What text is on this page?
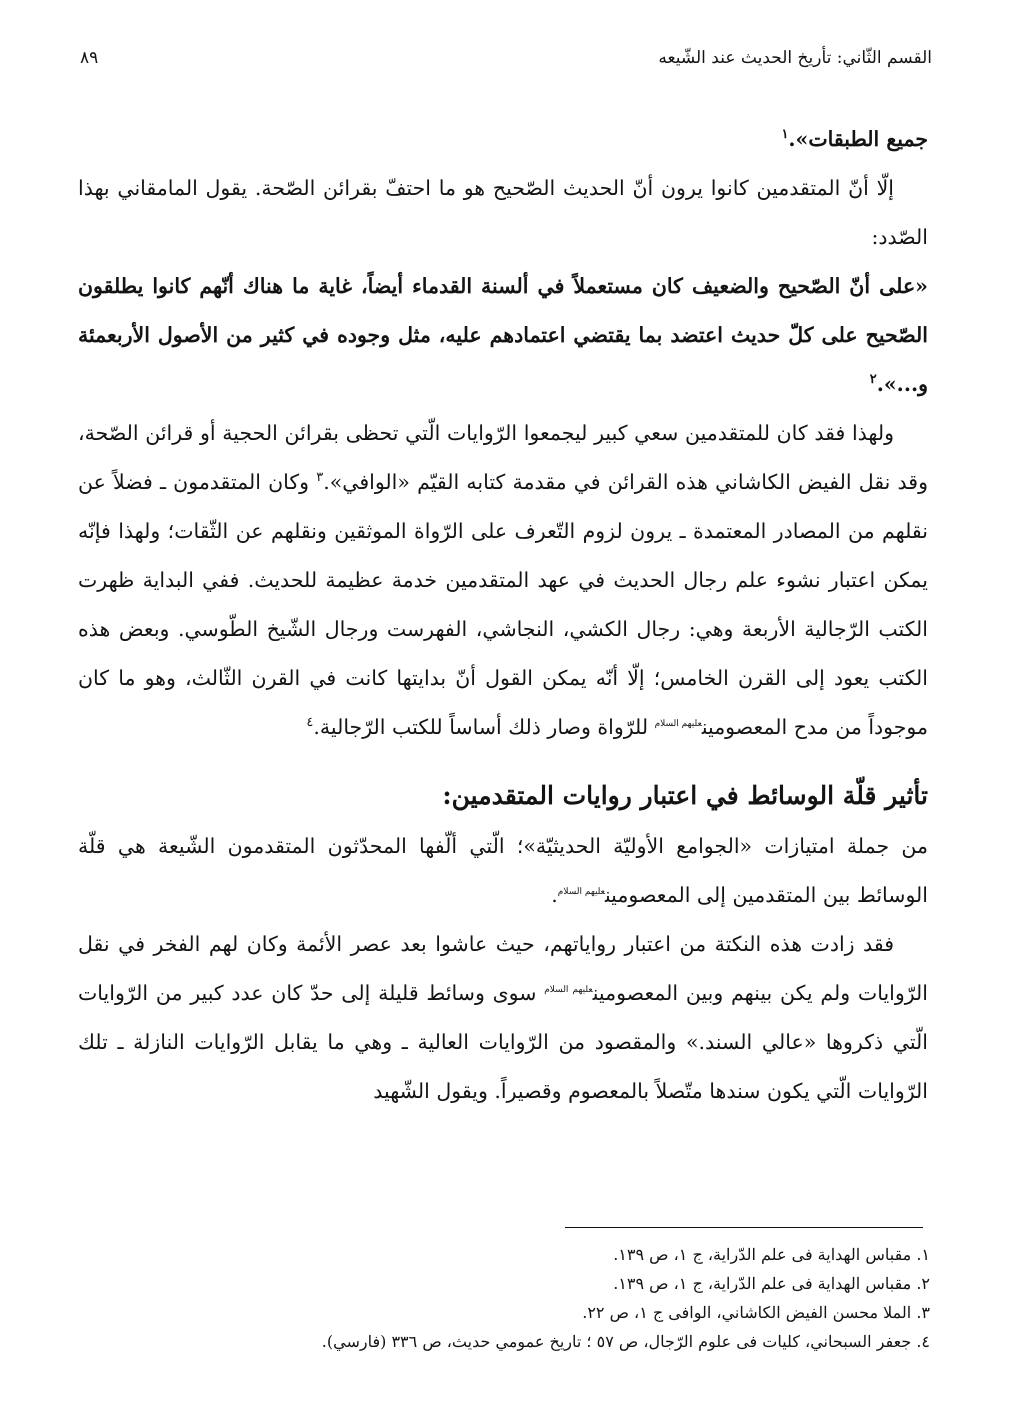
القسم الثّاني: تأريخ الحديث عند الشّيعه
٨٩

جميع الطبقات».$^١$

إلّا أنّ المتقدمين كانوا يرون أنّ الحديث الصّحيح هو ما احتفّ بقرائن الصّحة. يقول المامقاني بهذا الصّدد:

«على أنّ الصّحيح والضعيف كان مستعملاً في ألسنة القدماء أيضاً، غاية ما هناك أنّهم كانوا يطلقون الصّحيح على كلّ حديث اعتضد بما يقتضي اعتمادهم عليه، مثل وجوده في كثير من الأصول الأربعمئة و...».$^٢$

ولهذا فقد كان للمتقدمين سعي كبير ليجمعوا الرّوايات الّتي تحظى بقرائن الحجية أو قرائن الصّحة، وقد نقل الفيض الكاشاني هذه القرائن في مقدمة كتابه القيّم «الوافي».$^٣$ وكان المتقدمون ـ فضلاً عن نقلهم من المصادر المعتمدة ـ يرون لزوم التّعرف على الرّواة الموثقين ونقلهم عن الثّقات؛ ولهذا فإنّه يمكن اعتبار نشوء علم رجال الحديث في عهد المتقدمين خدمة عظيمة للحديث. ففي البداية ظهرت الكتب الرّجالية الأربعة وهي: رجال الكشي، النجاشي، الفهرست ورجال الشّيخ الطّوسي. وبعض هذه الكتب يعود إلى القرن الخامس؛ إلّا أنّه يمكن القول أنّ بدايتها كانت في القرن الثّالث، وهو ما كان موجوداً من مدح المعصومين$^{عليهم السلام}$ للرّواة وصار ذلك أساساً للكتب الرّجالية.$^٤$

تأثير قلّة الوسائط في اعتبار روايات المتقدمين:

من جملة امتيازات «الجوامع الأوليّة الحديثيّة»؛ الّتي ألّفها المحدّثون المتقدمون الشّيعة هي قلّة الوسائط بين المتقدمين إلى المعصومين$^{عليهم السلام}$.

فقد زادت هذه النكتة من اعتبار رواياتهم، حيث عاشوا بعد عصر الأئمة وكان لهم الفخر في نقل الرّوايات ولم يكن بينهم وبين المعصومين$^{عليهم السلام}$ سوى وسائط قليلة إلى حدّ كان عدد كبير من الرّوايات الّتي ذكروها «عالي السند.» والمقصود من الرّوايات العالية ـ وهي ما يقابل الرّوايات النازلة ـ تلك الرّوايات الّتي يكون سندها متّصلاً بالمعصوم وقصيراً. ويقول الشّهيد

١. مقباس الهداية فى علم الدّراية، ج ١، ص ١٣٩.

٢. مقباس الهداية فى علم الدّراية، ج ١، ص ١٣٩.

٣. الملا محسن الفيض الكاشاني، الوافى ج ١، ص ٢٢.

٤. جعفر السبحاني، كليات فى علوم الرّجال، ص ٥٧ ؛ تاريخ عمومي حديث، ص ٣٣٦ (فارسي).
